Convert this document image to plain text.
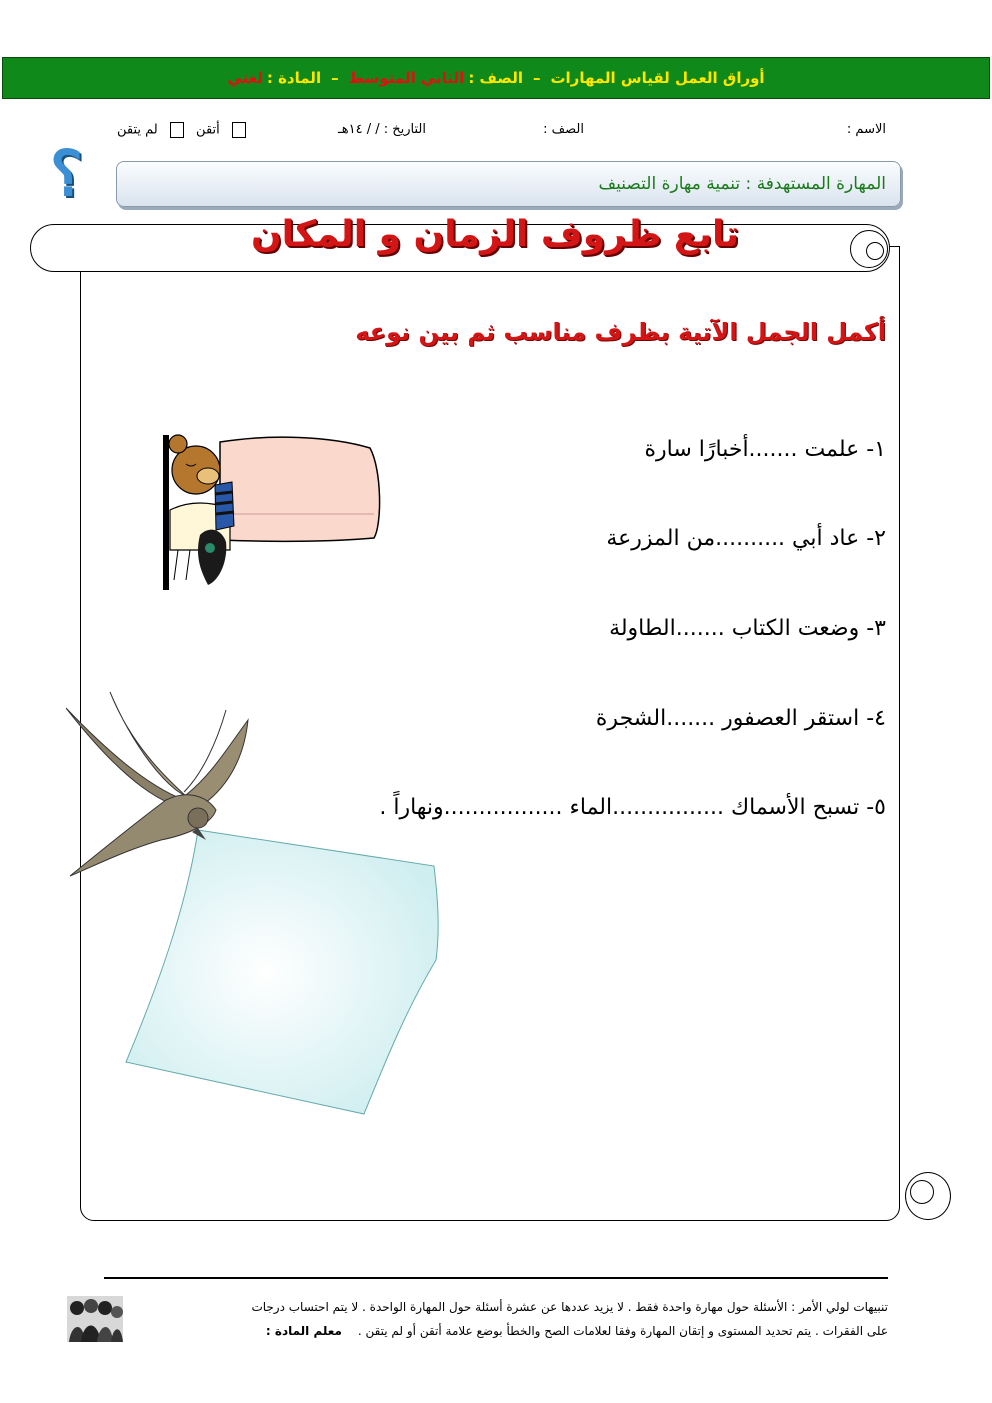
أوراق العمل لقياس المهارات
–
الصف :
الثاني المتوسط
–
المادة :
لغتي
الاسم :
الصف :
التاريخ : / / ١٤هـ
أتقن  لم يتقن
؟	المهارة المستهدفة : تنمية مهارة التصنيف
تابع ظروف الزمان و المكان
أكمل الجمل الآتية بظرف مناسب ثم بين نوعه
١- علمت .......أخبارًا سارة
٢- عاد أبي ..........من المزرعة
٣- وضعت الكتاب .......الطاولة
٤- استقر العصفور .......الشجرة
٥- تسبح الأسماك ................الماء .................ونهاراً .
تنبيهات لولي الأمر : الأسئلة حول مهارة واحدة فقط . لا يزيد عددها عن عشرة أسئلة حول المهارة الواحدة . لا يتم احتساب درجات
على الفقرات . يتم تحديد المستوى و إتقان المهارة وفقا لعلامات الصح والخطأ بوضع علامة أتقن أو لم يتقن . معلم المادة :
